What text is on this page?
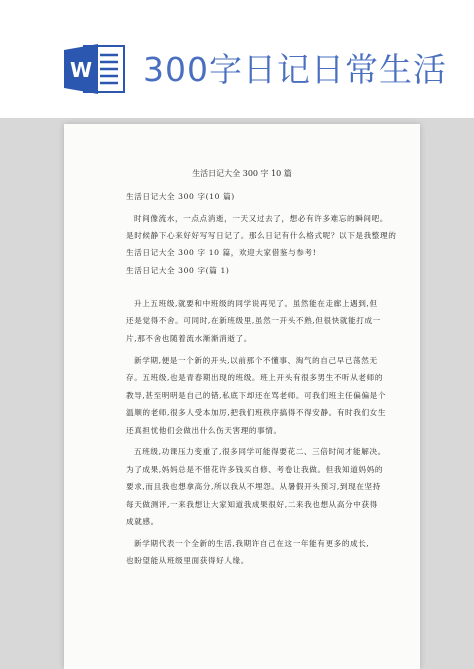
W 300字日记日常生活
生活日记大全 300 字 10 篇
生活日记大全 300 字(10 篇)
时间像流水，一点点消逝，一天又过去了，想必有许多难忘的瞬间吧。
是时候静下心来好好写写日记了。那么日记有什么格式呢？以下是我整理的
生活日记大全 300 字 10 篇，欢迎大家借鉴与参考!
生活日记大全 300 字(篇 1)
升上五班级,就要和中班级的同学说再见了。虽然能在走廊上遇到,但
还是觉得不舍。可同时,在新班级里,虽然一开头不熟,但很快就能打成一
片,那不舍也随着流水渐渐消逝了。
新学期,便是一个新的开头,以前那个不懂事、淘气的自己早已荡然无
存。五班级,也是青春期出现的班级。班上开头有很多男生不听从老师的
教导,甚至明明是自己的错,私底下却还在骂老师。可我们班主任偏偏是个
温顺的老师,很多人受本加厉,把我们班秩序搞得不得安静。有时我们女生
还真担忧他们会做出什么伤天害理的事情。
五班级,功课压力变重了,很多同学可能得要花二、三倍时间才能解决。
为了成果,妈妈总是不惜花许多钱买自修、考卷让我做。但我知道妈妈的
要求,而且我也想拿高分,所以我从不埋怨。从暑假开头预习,到现在坚持
每天做测评,一来我想让大家知道我成果很好,二来我也想从高分中获得
成就感。
新学期代表一个全新的生活,我期许自己在这一年能有更多的成长,
也盼望能从班级里面获得好人缘。
